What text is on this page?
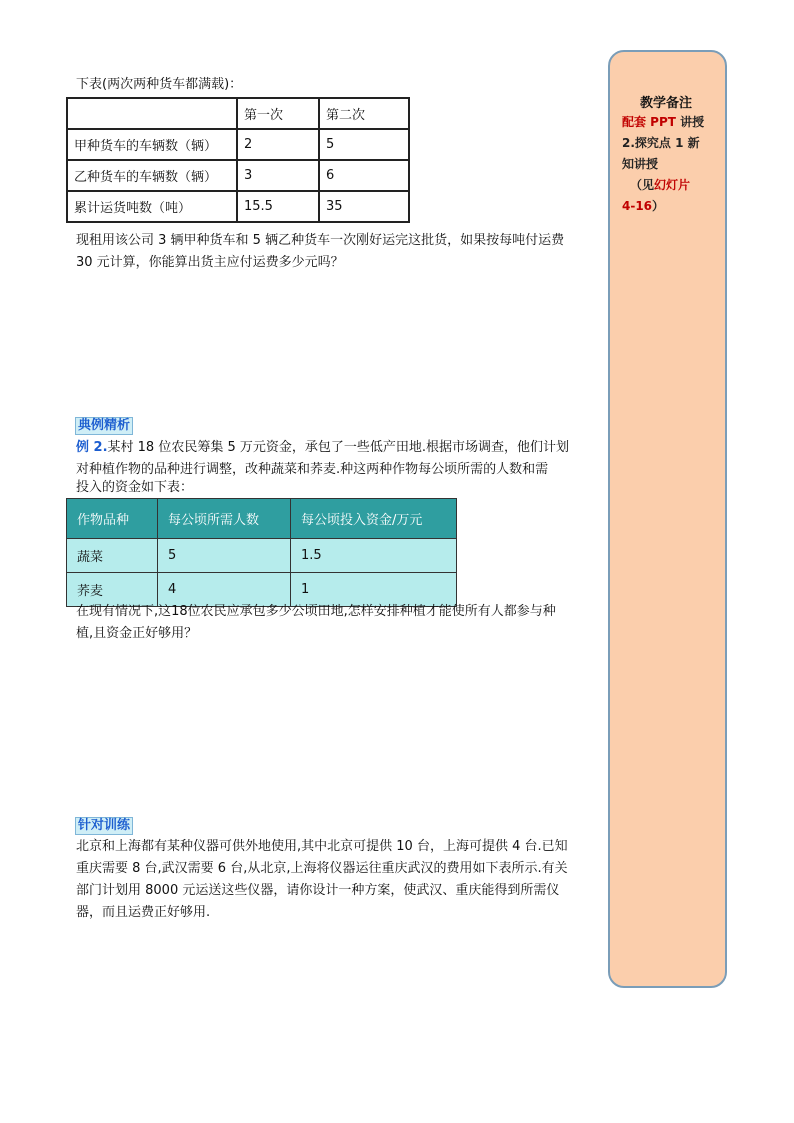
下表(两次两种货车都满载)：
	第一次	第二次
甲种货车的车辆数（辆）	2	5
乙种货车的车辆数（辆）	3	6
累计运货吨数（吨）	15.5	35
现租用该公司 3 辆甲种货车和 5 辆乙种货车一次刚好运完这批货，如果按每吨付运费
30 元计算，你能算出货主应付运费多少元吗？
典例精析
例 2.某村 18 位农民筹集 5 万元资金，承包了一些低产田地.根据市场调查，他们计划
对种植作物的品种进行调整，改种蔬菜和荞麦.种这两种作物每公顷所需的人数和需
投入的资金如下表：
作物品种	每公顷所需人数	每公顷投入资金/万元
蔬菜	5	1.5
荞麦	4	1
在现有情况下,这18位农民应承包多少公顷田地,怎样安排种植才能使所有人都参与种
植,且资金正好够用？
针对训练
北京和上海都有某种仪器可供外地使用,其中北京可提供 10 台，上海可提供 4 台.已知
重庆需要 8 台,武汉需要 6 台,从北京,上海将仪器运往重庆武汉的费用如下表所示.有关
部门计划用 8000 元运送这些仪器，请你设计一种方案，使武汉、重庆能得到所需仪
器，而且运费正好够用.
教学备注
配套 PPT 讲授
2.探究点 1 新
知讲授
（见幻灯片
4-16）
